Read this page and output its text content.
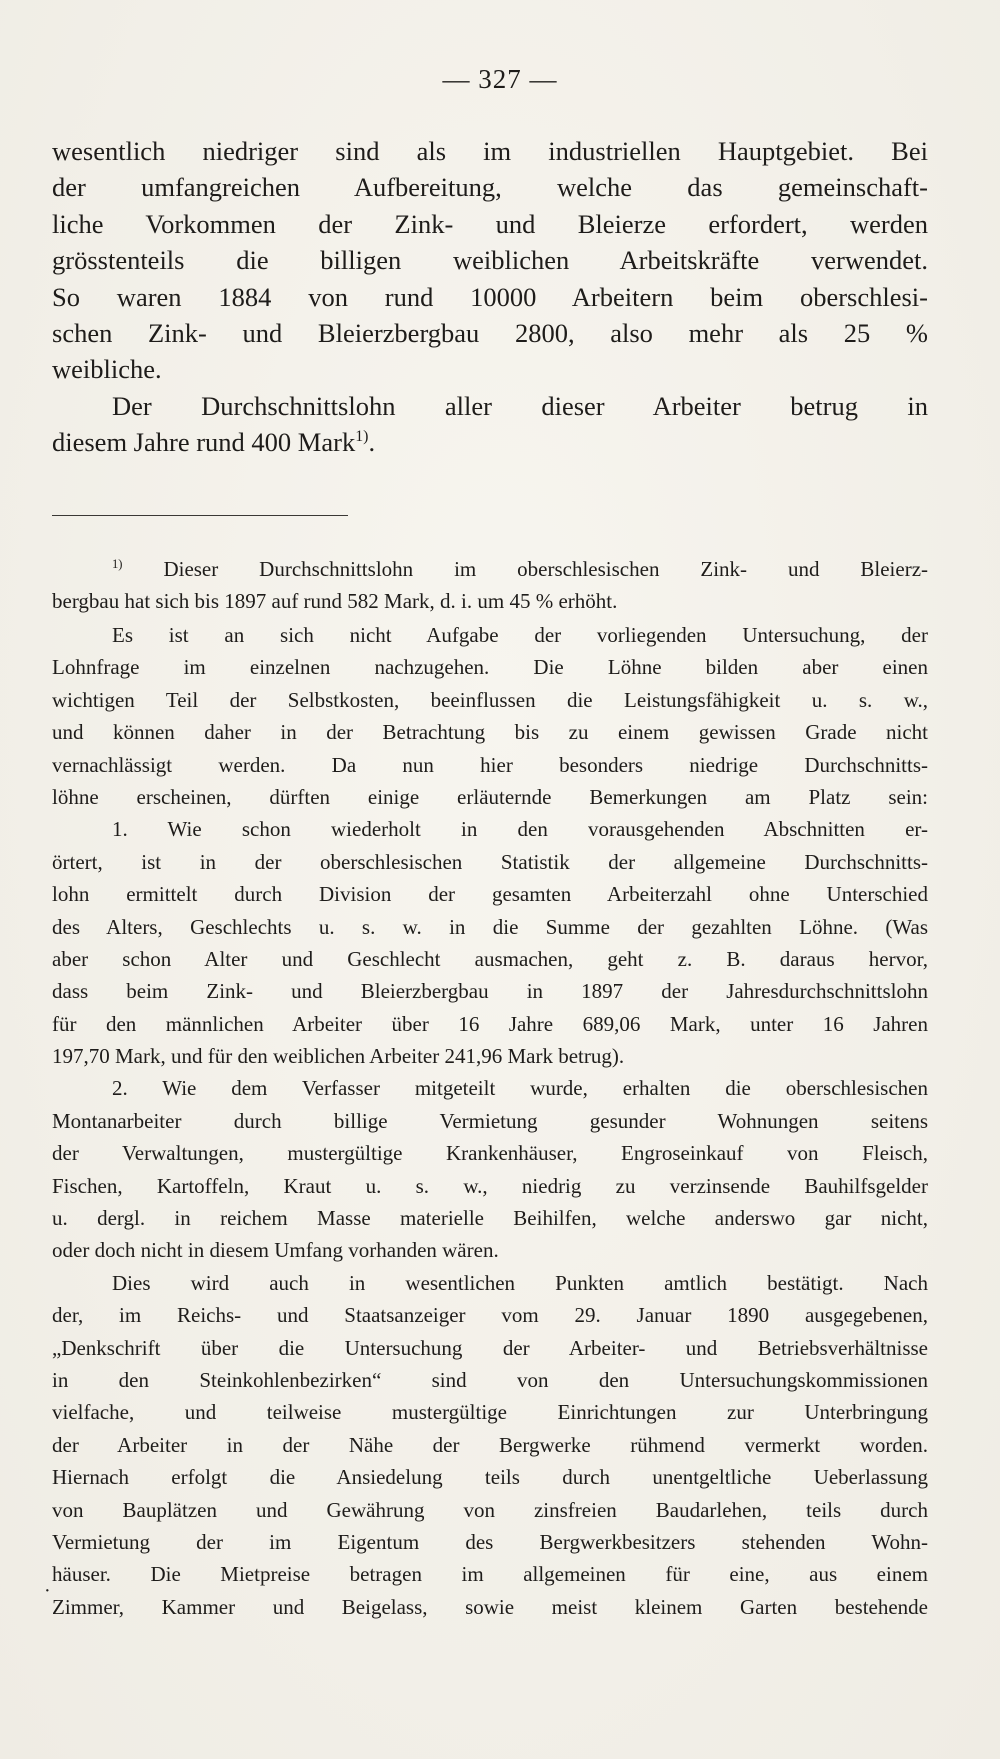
— 327 —
wesentlich niedriger sind als im industriellen Hauptgebiet. Bei
der umfangreichen Aufbereitung, welche das gemeinschaft-
liche Vorkommen der Zink- und Bleierze erfordert, werden
grösstenteils die billigen weiblichen Arbeitskräfte verwendet.
So waren 1884 von rund 10000 Arbeitern beim oberschlesi-
schen Zink- und Bleierzbergbau 2800, also mehr als 25 %
weibliche.
Der Durchschnittslohn aller dieser Arbeiter betrug in
diesem Jahre rund 400 Mark$^{1)}$.
$^{1)}$ Dieser Durchschnittslohn im oberschlesischen Zink- und Bleierz-
bergbau hat sich bis 1897 auf rund 582 Mark, d. i. um 45 % erhöht.
Es ist an sich nicht Aufgabe der vorliegenden Untersuchung, der
Lohnfrage im einzelnen nachzugehen. Die Löhne bilden aber einen
wichtigen Teil der Selbstkosten, beeinflussen die Leistungsfähigkeit u. s. w.,
und können daher in der Betrachtung bis zu einem gewissen Grade nicht
vernachlässigt werden. Da nun hier besonders niedrige Durchschnitts-
löhne erscheinen, dürften einige erläuternde Bemerkungen am Platz sein:
1. Wie schon wiederholt in den vorausgehenden Abschnitten er-
örtert, ist in der oberschlesischen Statistik der allgemeine Durchschnitts-
lohn ermittelt durch Division der gesamten Arbeiterzahl ohne Unterschied
des Alters, Geschlechts u. s. w. in die Summe der gezahlten Löhne. (Was
aber schon Alter und Geschlecht ausmachen, geht z. B. daraus hervor,
dass beim Zink- und Bleierzbergbau in 1897 der Jahresdurchschnittslohn
für den männlichen Arbeiter über 16 Jahre 689,06 Mark, unter 16 Jahren
197,70 Mark, und für den weiblichen Arbeiter 241,96 Mark betrug).
2. Wie dem Verfasser mitgeteilt wurde, erhalten die oberschlesischen
Montanarbeiter durch billige Vermietung gesunder Wohnungen seitens
der Verwaltungen, mustergültige Krankenhäuser, Engroseinkauf von Fleisch,
Fischen, Kartoffeln, Kraut u. s. w., niedrig zu verzinsende Bauhilfsgelder
u. dergl. in reichem Masse materielle Beihilfen, welche anderswo gar nicht,
oder doch nicht in diesem Umfang vorhanden wären.
Dies wird auch in wesentlichen Punkten amtlich bestätigt. Nach
der, im Reichs- und Staatsanzeiger vom 29. Januar 1890 ausgegebenen,
„Denkschrift über die Untersuchung der Arbeiter- und Betriebsverhältnisse
in den Steinkohlenbezirken“ sind von den Untersuchungskommissionen
vielfache, und teilweise mustergültige Einrichtungen zur Unterbringung
der Arbeiter in der Nähe der Bergwerke rühmend vermerkt worden.
Hiernach erfolgt die Ansiedelung teils durch unentgeltliche Ueberlassung
von Bauplätzen und Gewährung von zinsfreien Baudarlehen, teils durch
Vermietung der im Eigentum des Bergwerkbesitzers stehenden Wohn-
häuser. Die Mietpreise betragen im allgemeinen für eine, aus einem
Zimmer, Kammer und Beigelass, sowie meist kleinem Garten bestehende
·
